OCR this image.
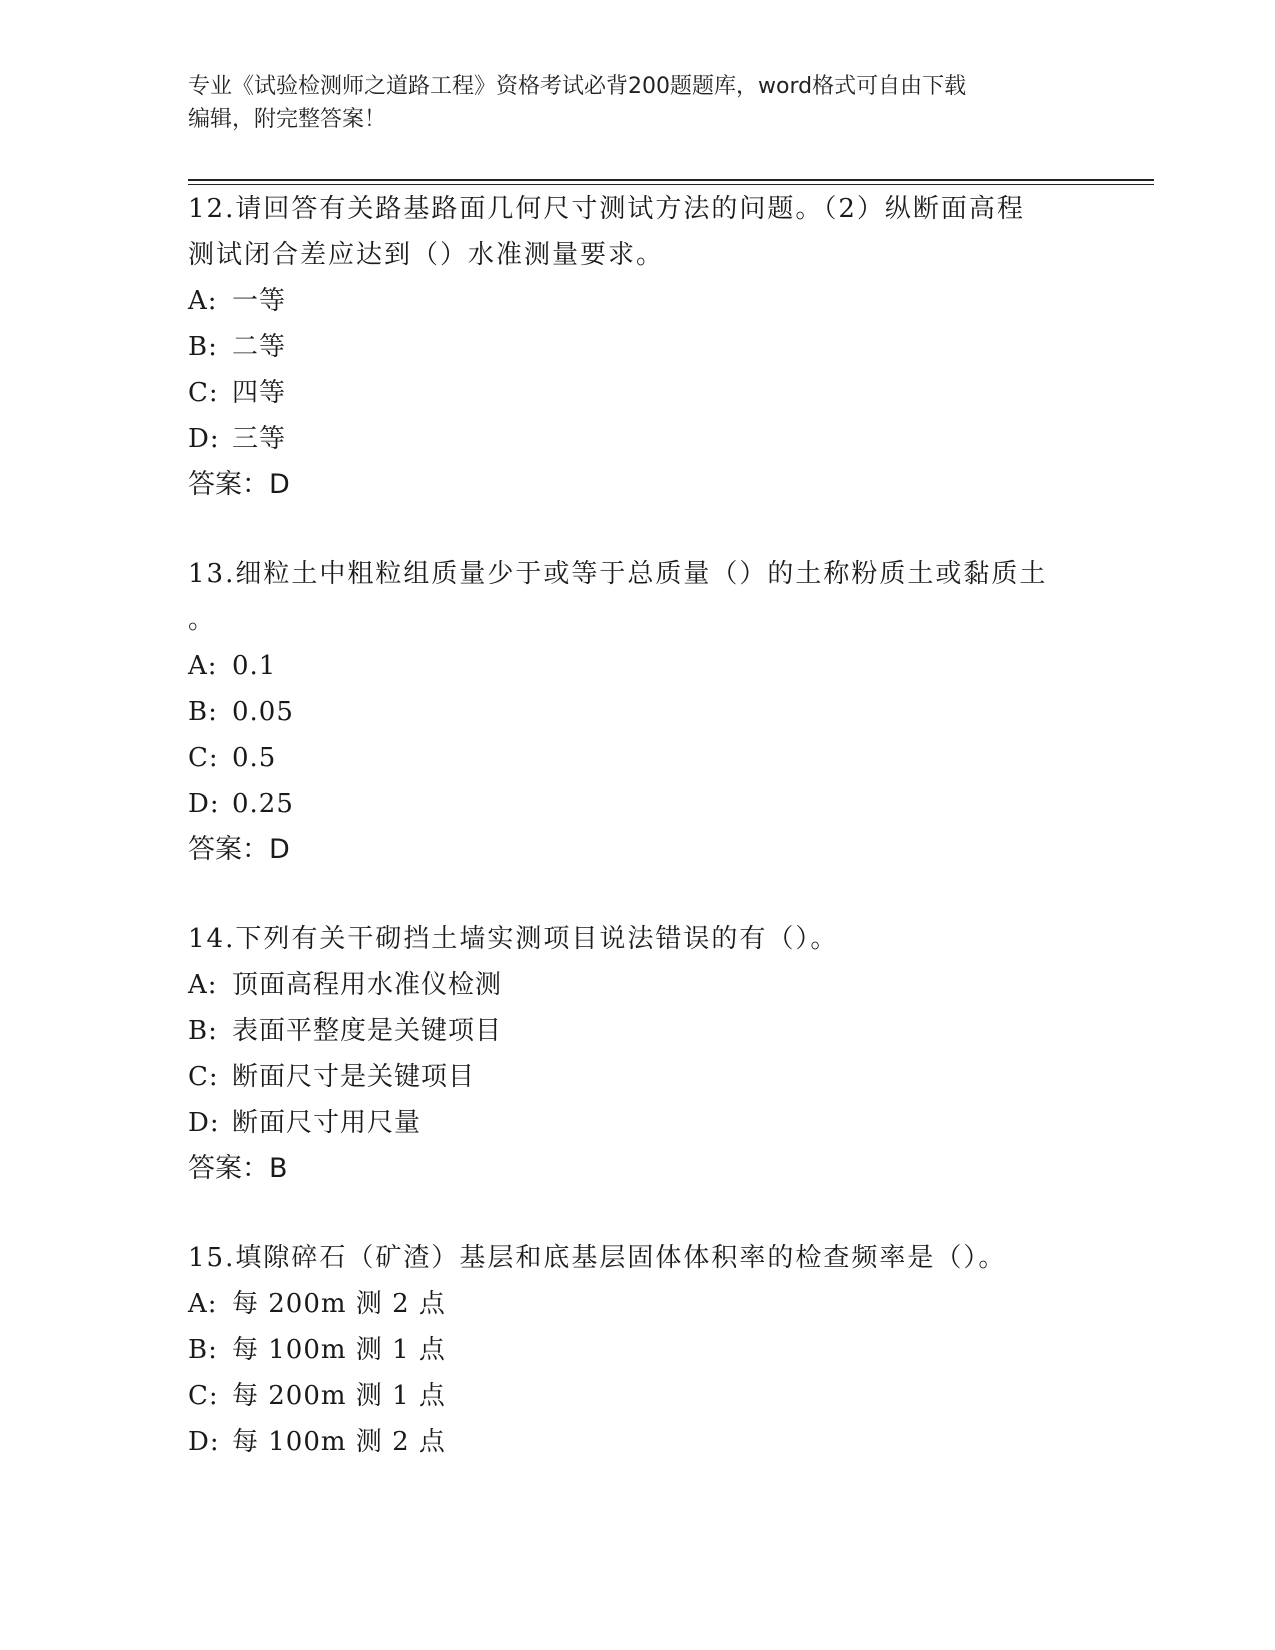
专业《试验检测师之道路工程》资格考试必背200题题库，word格式可自由下载
编辑，附完整答案！
12.请回答有关路基路面几何尺寸测试方法的问题。（2）纵断面高程
测试闭合差应达到（）水准测量要求。
A: 一等
B: 二等
C: 四等
D: 三等
答案：D
13.细粒土中粗粒组质量少于或等于总质量（）的土称粉质土或黏质土
。
A: 0.1
B: 0.05
C: 0.5
D: 0.25
答案：D
14.下列有关干砌挡土墙实测项目说法错误的有（）。
A: 顶面高程用水准仪检测
B: 表面平整度是关键项目
C: 断面尺寸是关键项目
D: 断面尺寸用尺量
答案：B
15.填隙碎石（矿渣）基层和底基层固体体积率的检查频率是（）。
A: 每 200m 测 2 点
B: 每 100m 测 1 点
C: 每 200m 测 1 点
D: 每 100m 测 2 点
